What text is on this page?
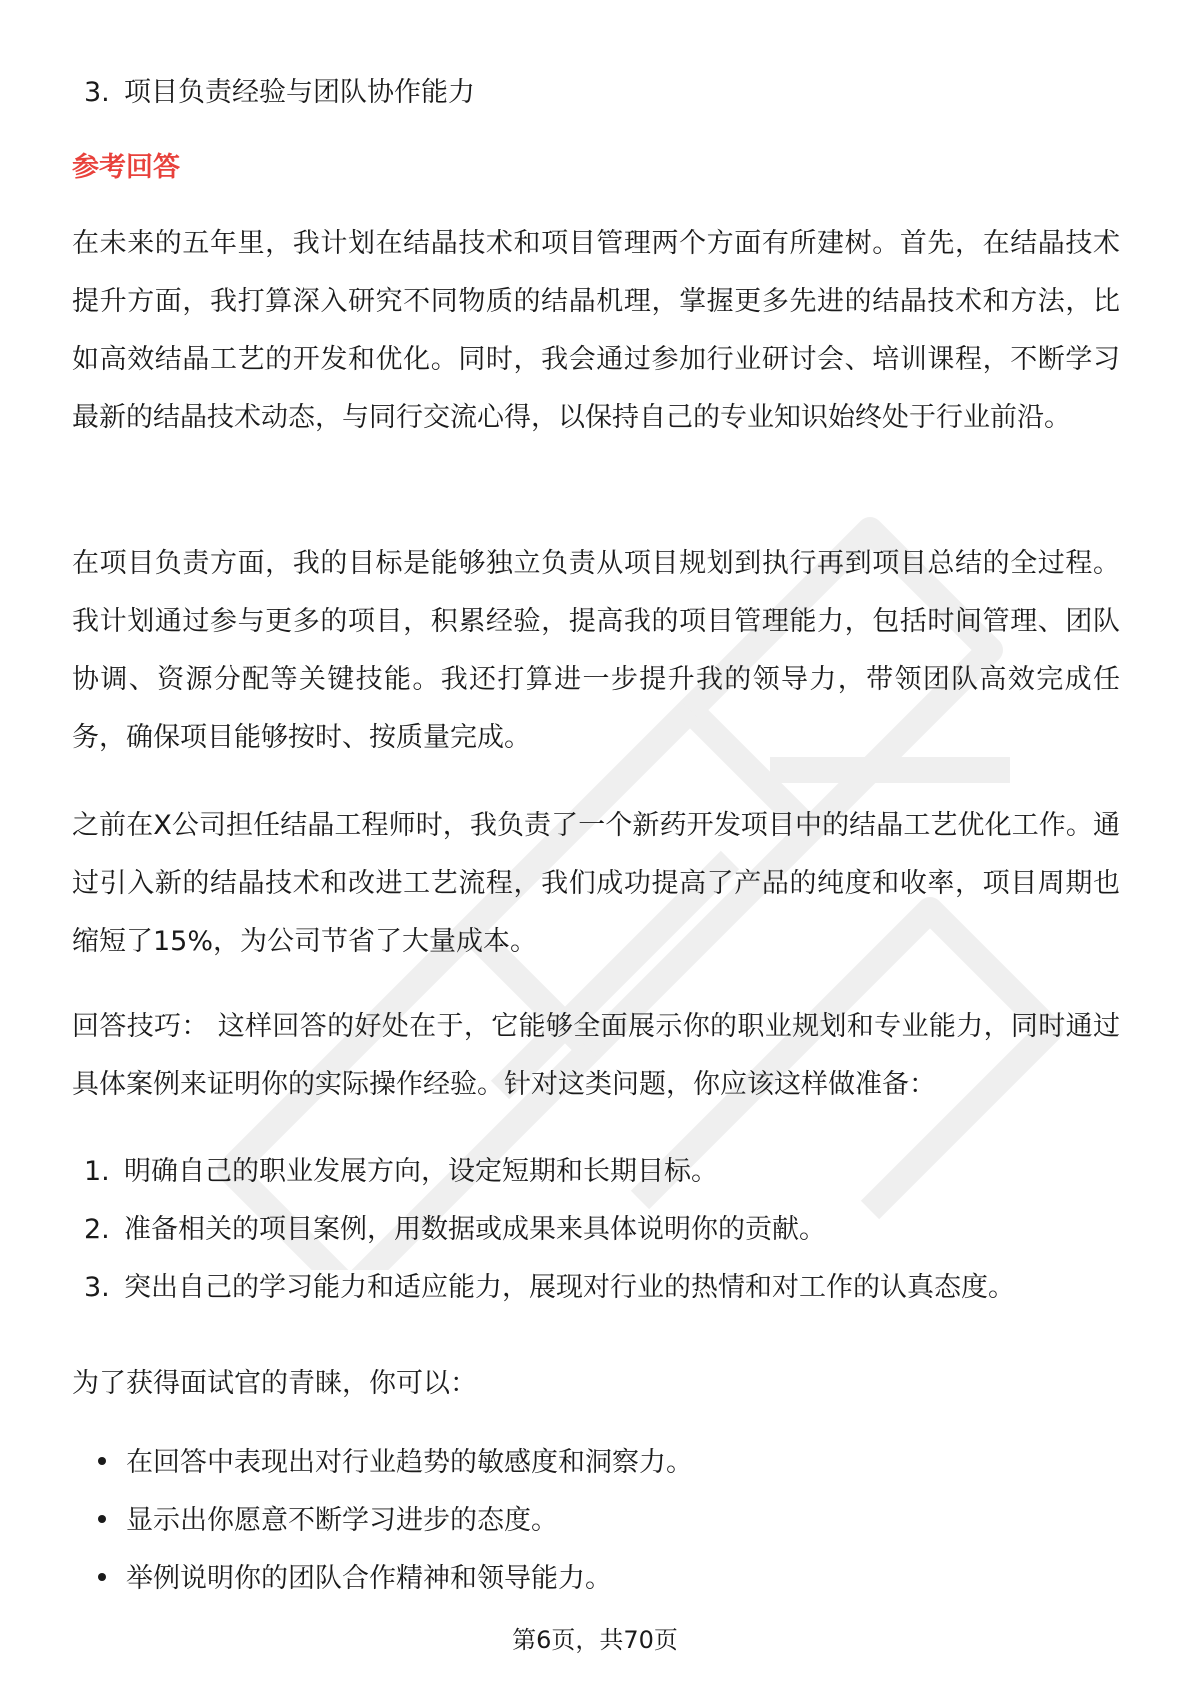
3. 项目负责经验与团队协作能力
参考回答

在未来的五年里，我计划在结晶技术和项目管理两个方面有所建树。首先，在结晶技术提升方面，我打算深入研究不同物质的结晶机理，掌握更多先进的结晶技术和方法，比如高效结晶工艺的开发和优化。同时，我会通过参加行业研讨会、培训课程，不断学习最新的结晶技术动态，与同行交流心得，以保持自己的专业知识始终处于行业前沿。

在项目负责方面，我的目标是能够独立负责从项目规划到执行再到项目总结的全过程。我计划通过参与更多的项目，积累经验，提高我的项目管理能力，包括时间管理、团队协调、资源分配等关键技能。我还打算进一步提升我的领导力，带领团队高效完成任务，确保项目能够按时、按质量完成。

之前在X公司担任结晶工程师时，我负责了一个新药开发项目中的结晶工艺优化工作。通过引入新的结晶技术和改进工艺流程，我们成功提高了产品的纯度和收率，项目周期也缩短了15%，为公司节省了大量成本。

回答技巧： 这样回答的好处在于，它能够全面展示你的职业规划和专业能力，同时通过具体案例来证明你的实际操作经验。针对这类问题，你应该这样做准备：

1. 明确自己的职业发展方向，设定短期和长期目标。
2. 准备相关的项目案例，用数据或成果来具体说明你的贡献。
3. 突出自己的学习能力和适应能力，展现对行业的热情和对工作的认真态度。

为了获得面试官的青睐，你可以：

在回答中表现出对行业趋势的敏感度和洞察力。
显示出你愿意不断学习进步的态度。
举例说明你的团队合作精神和领导能力。
第6页，共70页
